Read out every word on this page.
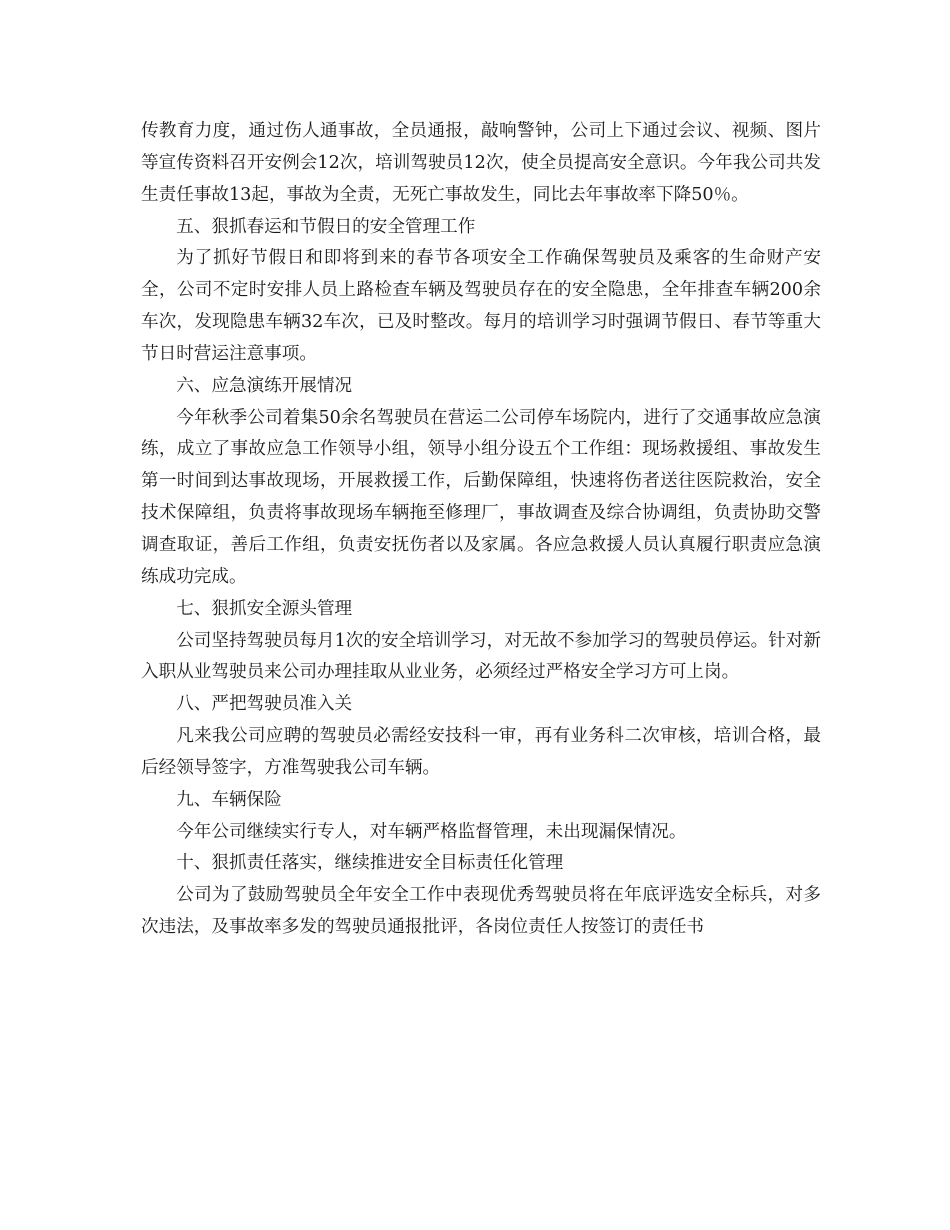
传教育力度，通过伤人通事故，全员通报，敲响警钟，公司上下通过会议、视频、图片等宣传资料召开安例会12次，培训驾驶员12次，使全员提高安全意识。今年我公司共发生责任事故13起，事故为全责，无死亡事故发生，同比去年事故率下降50％。

五、狠抓春运和节假日的安全管理工作

为了抓好节假日和即将到来的春节各项安全工作确保驾驶员及乘客的生命财产安全，公司不定时安排人员上路检查车辆及驾驶员存在的安全隐患，全年排查车辆200余车次，发现隐患车辆32车次，已及时整改。每月的培训学习时强调节假日、春节等重大节日时营运注意事项。

六、应急演练开展情况

今年秋季公司着集50余名驾驶员在营运二公司停车场院内，进行了交通事故应急演练，成立了事故应急工作领导小组，领导小组分设五个工作组：现场救援组、事故发生第一时间到达事故现场，开展救援工作，后勤保障组，快速将伤者送往医院救治，安全技术保障组，负责将事故现场车辆拖至修理厂，事故调查及综合协调组，负责协助交警调查取证，善后工作组，负责安抚伤者以及家属。各应急救援人员认真履行职责应急演练成功完成。

七、狠抓安全源头管理

公司坚持驾驶员每月1次的安全培训学习，对无故不参加学习的驾驶员停运。针对新入职从业驾驶员来公司办理挂取从业业务，必须经过严格安全学习方可上岗。

八、严把驾驶员准入关

凡来我公司应聘的驾驶员必需经安技科一审，再有业务科二次审核，培训合格，最后经领导签字，方准驾驶我公司车辆。

九、车辆保险

今年公司继续实行专人，对车辆严格监督管理，未出现漏保情况。

十、狠抓责任落实，继续推进安全目标责任化管理

公司为了鼓励驾驶员全年安全工作中表现优秀驾驶员将在年底评选安全标兵，对多次违法，及事故率多发的驾驶员通报批评，各岗位责任人按签订的责任书
